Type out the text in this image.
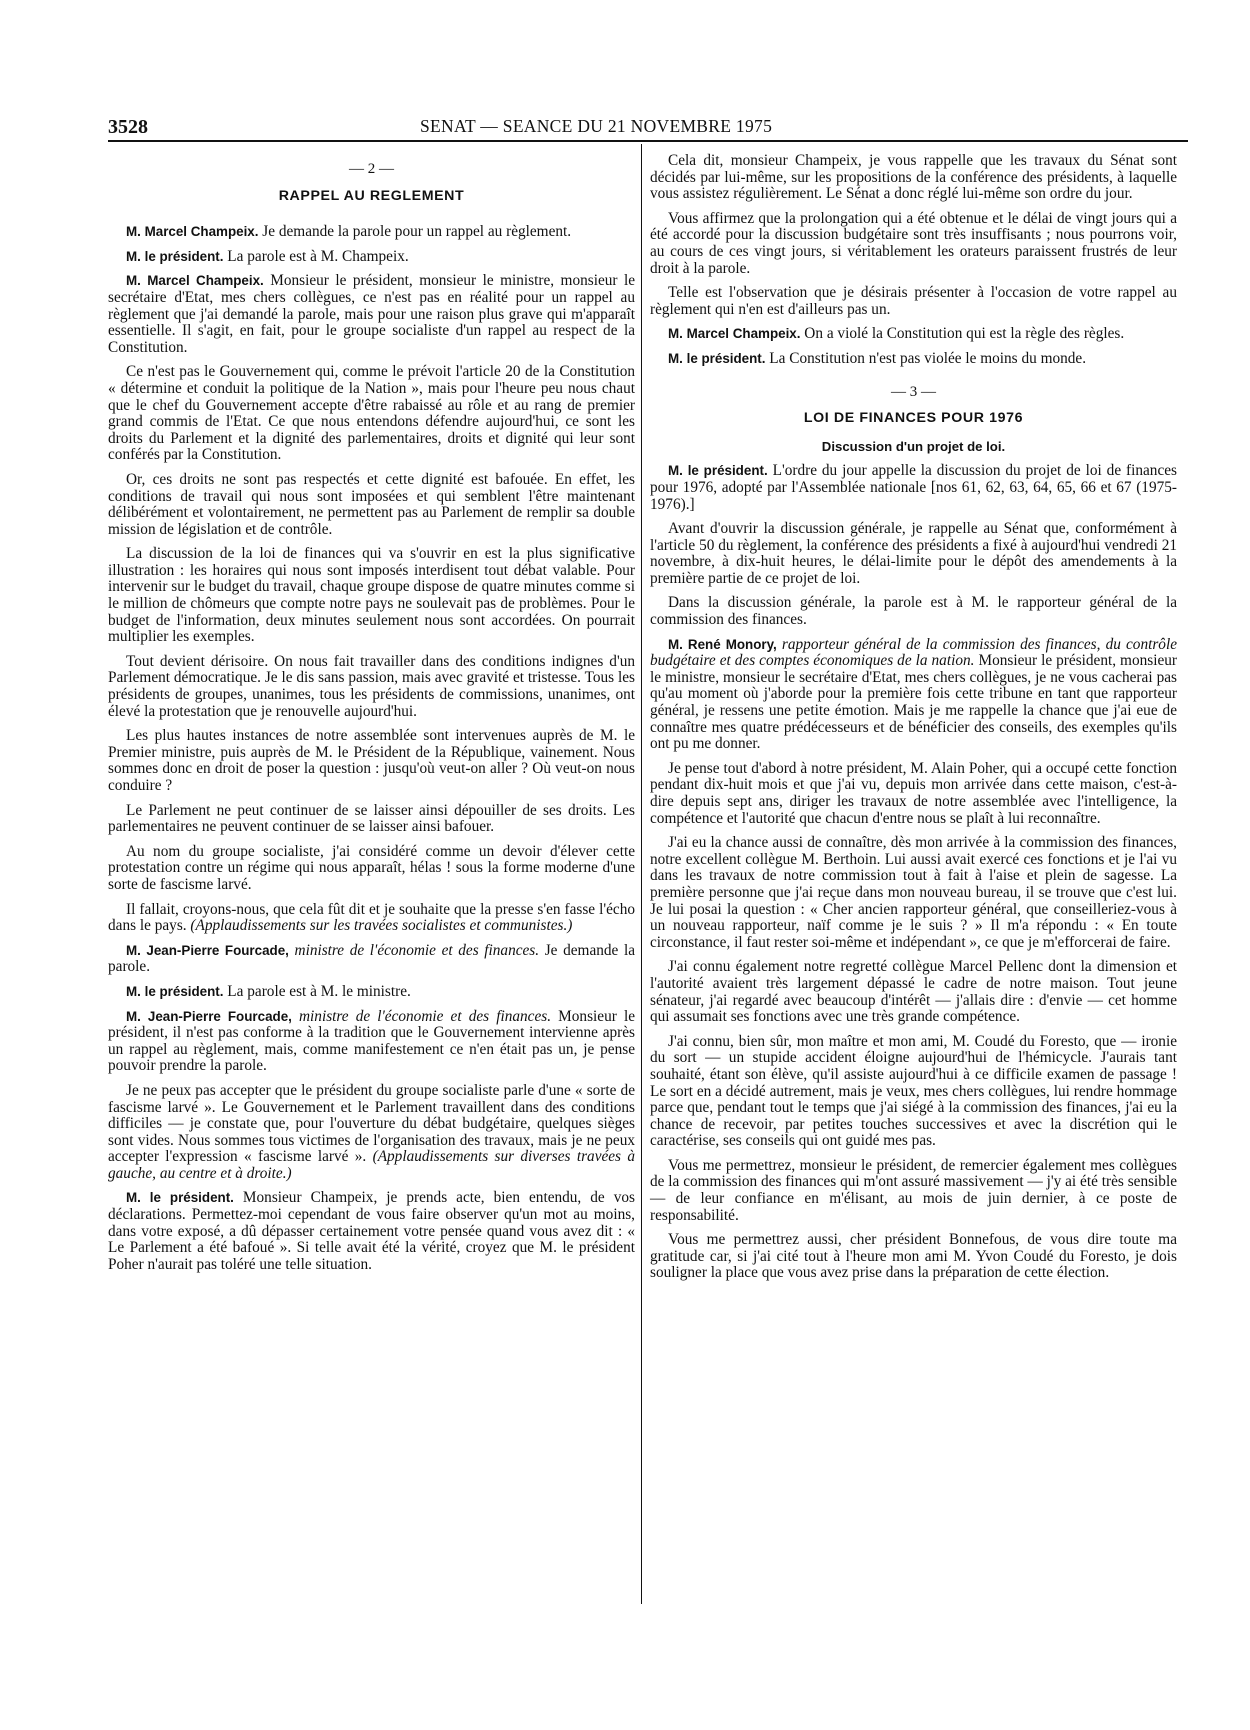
3528	SENAT — SEANCE DU 21 NOVEMBRE 1975
— 2 —
RAPPEL AU REGLEMENT

M. Marcel Champeix. Je demande la parole pour un rappel au règlement.

M. le président. La parole est à M. Champeix.

M. Marcel Champeix. Monsieur le président, monsieur le ministre, monsieur le secrétaire d'Etat, mes chers collègues, ce n'est pas en réalité pour un rappel au règlement que j'ai demandé la parole, mais pour une raison plus grave qui m'apparaît essentielle. Il s'agit, en fait, pour le groupe socialiste d'un rappel au respect de la Constitution.

Ce n'est pas le Gouvernement qui, comme le prévoit l'article 20 de la Constitution « détermine et conduit la politique de la Nation », mais pour l'heure peu nous chaut que le chef du Gouvernement accepte d'être rabaissé au rôle et au rang de premier grand commis de l'Etat. Ce que nous entendons défendre aujourd'hui, ce sont les droits du Parlement et la dignité des parlementaires, droits et dignité qui leur sont conférés par la Constitution.

Or, ces droits ne sont pas respectés et cette dignité est bafouée. En effet, les conditions de travail qui nous sont imposées et qui semblent l'être maintenant délibérément et volontairement, ne permettent pas au Parlement de remplir sa double mission de législation et de contrôle.

La discussion de la loi de finances qui va s'ouvrir en est la plus significative illustration : les horaires qui nous sont imposés interdisent tout débat valable. Pour intervenir sur le budget du travail, chaque groupe dispose de quatre minutes comme si le million de chômeurs que compte notre pays ne soulevait pas de problèmes. Pour le budget de l'information, deux minutes seulement nous sont accordées. On pourrait multiplier les exemples.

Tout devient dérisoire. On nous fait travailler dans des conditions indignes d'un Parlement démocratique. Je le dis sans passion, mais avec gravité et tristesse. Tous les présidents de groupes, unanimes, tous les présidents de commissions, unanimes, ont élevé la protestation que je renouvelle aujourd'hui.

Les plus hautes instances de notre assemblée sont intervenues auprès de M. le Premier ministre, puis auprès de M. le Président de la République, vainement. Nous sommes donc en droit de poser la question : jusqu'où veut-on aller ? Où veut-on nous conduire ?

Le Parlement ne peut continuer de se laisser ainsi dépouiller de ses droits. Les parlementaires ne peuvent continuer de se laisser ainsi bafouer.

Au nom du groupe socialiste, j'ai considéré comme un devoir d'élever cette protestation contre un régime qui nous apparaît, hélas ! sous la forme moderne d'une sorte de fascisme larvé.

Il fallait, croyons-nous, que cela fût dit et je souhaite que la presse s'en fasse l'écho dans le pays. (Applaudissements sur les travées socialistes et communistes.)

M. Jean-Pierre Fourcade, ministre de l'économie et des finances. Je demande la parole.

M. le président. La parole est à M. le ministre.

M. Jean-Pierre Fourcade, ministre de l'économie et des finances. Monsieur le président, il n'est pas conforme à la tradition que le Gouvernement intervienne après un rappel au règlement, mais, comme manifestement ce n'en était pas un, je pense pouvoir prendre la parole.

Je ne peux pas accepter que le président du groupe socialiste parle d'une « sorte de fascisme larvé ». Le Gouvernement et le Parlement travaillent dans des conditions difficiles — je constate que, pour l'ouverture du débat budgétaire, quelques sièges sont vides. Nous sommes tous victimes de l'organisation des travaux, mais je ne peux accepter l'expression « fascisme larvé ». (Applaudissements sur diverses travées à gauche, au centre et à droite.)

M. le président. Monsieur Champeix, je prends acte, bien entendu, de vos déclarations. Permettez-moi cependant de vous faire observer qu'un mot au moins, dans votre exposé, a dû dépasser certainement votre pensée quand vous avez dit : « Le Parlement a été bafoué ». Si telle avait été la vérité, croyez que M. le président Poher n'aurait pas toléré une telle situation.

Cela dit, monsieur Champeix, je vous rappelle que les travaux du Sénat sont décidés par lui-même, sur les propositions de la conférence des présidents, à laquelle vous assistez régulièrement. Le Sénat a donc réglé lui-même son ordre du jour.

Vous affirmez que la prolongation qui a été obtenue et le délai de vingt jours qui a été accordé pour la discussion budgétaire sont très insuffisants ; nous pourrons voir, au cours de ces vingt jours, si véritablement les orateurs paraissent frustrés de leur droit à la parole.

Telle est l'observation que je désirais présenter à l'occasion de votre rappel au règlement qui n'en est d'ailleurs pas un.

M. Marcel Champeix. On a violé la Constitution qui est la règle des règles.

M. le président. La Constitution n'est pas violée le moins du monde.

— 3 —
LOI DE FINANCES POUR 1976
Discussion d'un projet de loi.

M. le président. L'ordre du jour appelle la discussion du projet de loi de finances pour 1976, adopté par l'Assemblée nationale [nos 61, 62, 63, 64, 65, 66 et 67 (1975-1976).]

Avant d'ouvrir la discussion générale, je rappelle au Sénat que, conformément à l'article 50 du règlement, la conférence des présidents a fixé à aujourd'hui vendredi 21 novembre, à dix-huit heures, le délai-limite pour le dépôt des amendements à la première partie de ce projet de loi.

Dans la discussion générale, la parole est à M. le rapporteur général de la commission des finances.

M. René Monory, rapporteur général de la commission des finances, du contrôle budgétaire et des comptes économiques de la nation. Monsieur le président, monsieur le ministre, monsieur le secrétaire d'Etat, mes chers collègues, je ne vous cacherai pas qu'au moment où j'aborde pour la première fois cette tribune en tant que rapporteur général, je ressens une petite émotion. Mais je me rappelle la chance que j'ai eue de connaître mes quatre prédécesseurs et de bénéficier des conseils, des exemples qu'ils ont pu me donner.

Je pense tout d'abord à notre président, M. Alain Poher, qui a occupé cette fonction pendant dix-huit mois et que j'ai vu, depuis mon arrivée dans cette maison, c'est-à-dire depuis sept ans, diriger les travaux de notre assemblée avec l'intelligence, la compétence et l'autorité que chacun d'entre nous se plaît à lui reconnaître.

J'ai eu la chance aussi de connaître, dès mon arrivée à la commission des finances, notre excellent collègue M. Berthoin. Lui aussi avait exercé ces fonctions et je l'ai vu dans les travaux de notre commission tout à fait à l'aise et plein de sagesse. La première personne que j'ai reçue dans mon nouveau bureau, il se trouve que c'est lui. Je lui posai la question : « Cher ancien rapporteur général, que conseilleriez-vous à un nouveau rapporteur, naïf comme je le suis ? » Il m'a répondu : « En toute circonstance, il faut rester soi-même et indépendant », ce que je m'efforcerai de faire.

J'ai connu également notre regretté collègue Marcel Pellenc dont la dimension et l'autorité avaient très largement dépassé le cadre de notre maison. Tout jeune sénateur, j'ai regardé avec beaucoup d'intérêt — j'allais dire : d'envie — cet homme qui assumait ses fonctions avec une très grande compétence.

J'ai connu, bien sûr, mon maître et mon ami, M. Coudé du Foresto, que — ironie du sort — un stupide accident éloigne aujourd'hui de l'hémicycle. J'aurais tant souhaité, étant son élève, qu'il assiste aujourd'hui à ce difficile examen de passage ! Le sort en a décidé autrement, mais je veux, mes chers collègues, lui rendre hommage parce que, pendant tout le temps que j'ai siégé à la commission des finances, j'ai eu la chance de recevoir, par petites touches successives et avec la discrétion qui le caractérise, ses conseils qui ont guidé mes pas.

Vous me permettrez, monsieur le président, de remercier également mes collègues de la commission des finances qui m'ont assuré massivement — j'y ai été très sensible — de leur confiance en m'élisant, au mois de juin dernier, à ce poste de responsabilité.

Vous me permettrez aussi, cher président Bonnefous, de vous dire toute ma gratitude car, si j'ai cité tout à l'heure mon ami M. Yvon Coudé du Foresto, je dois souligner la place que vous avez prise dans la préparation de cette élection.
